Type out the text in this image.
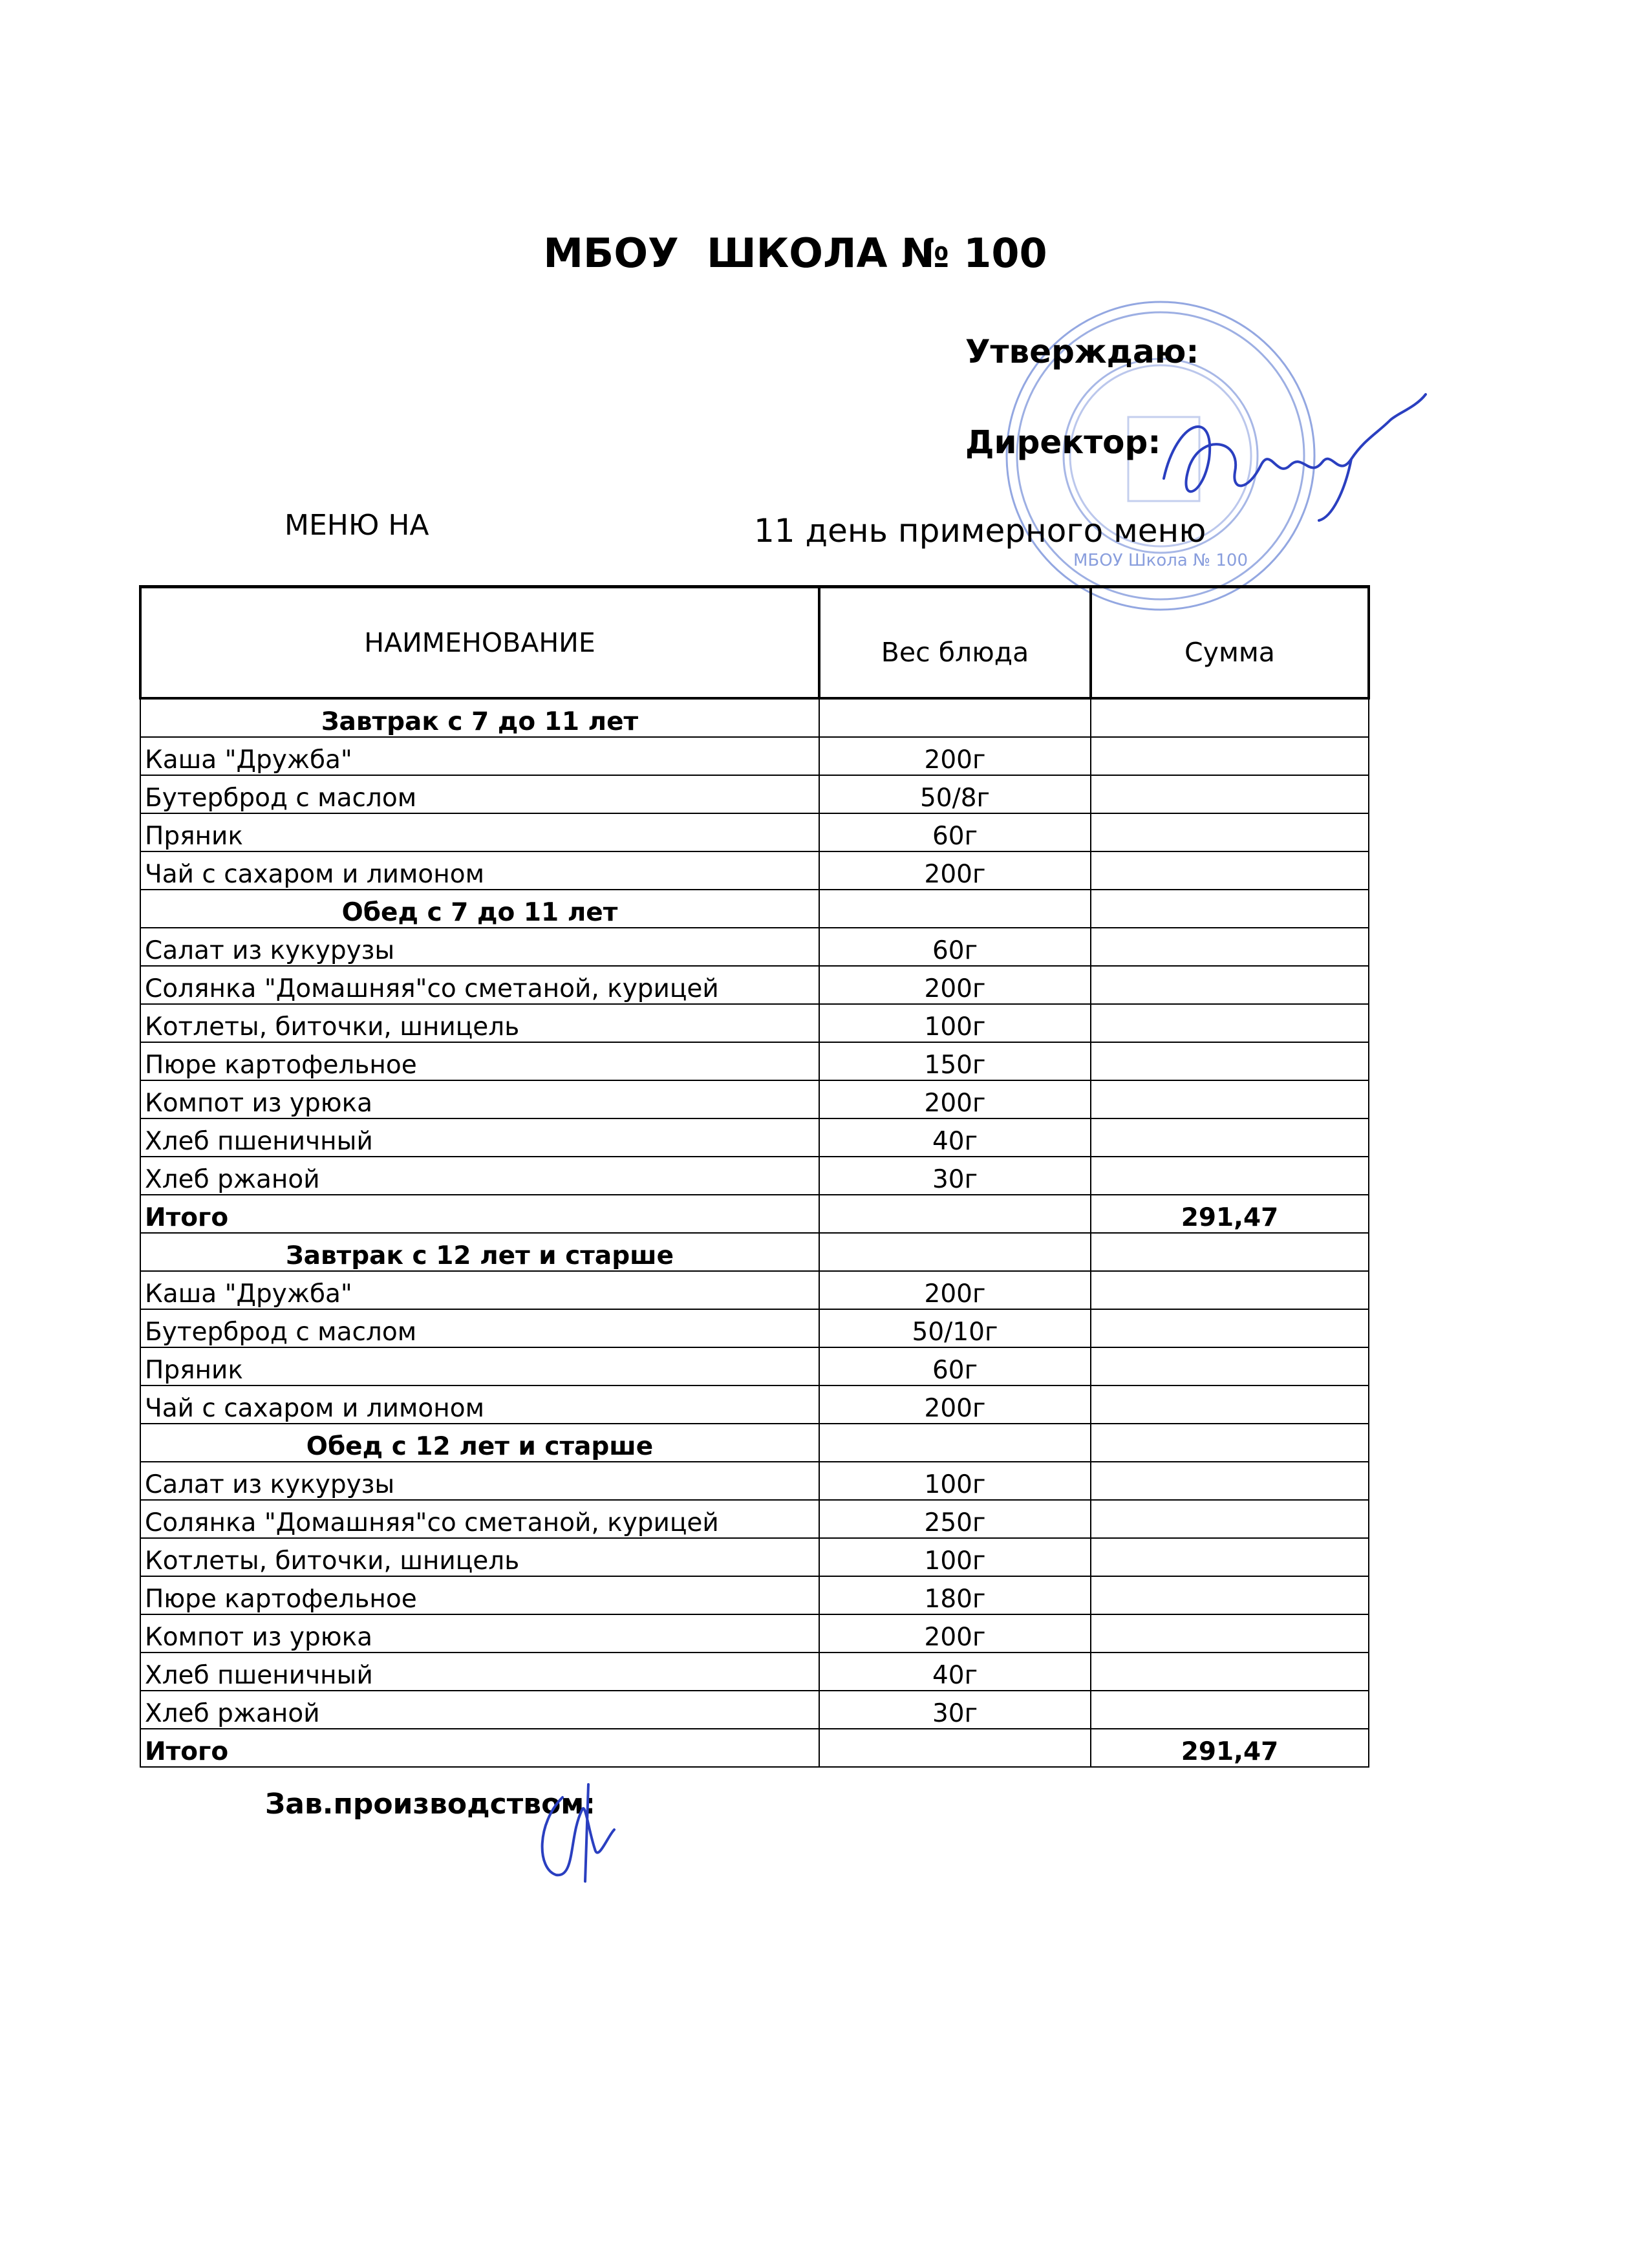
МБОУ  ШКОЛА № 100
МБОУ Школа № 100
Утверждаю:
Директор:
МЕНЮ НА	11 день примерного меню
НАИМЕНОВАНИЕ	Вес блюда	Сумма
Завтрак с 7 до 11 лет		
Каша "Дружба"	200г	
Бутерброд с маслом	50/8г	
Пряник	60г	
Чай с сахаром и лимоном	200г	
Обед с 7 до 11 лет		
Салат из кукурузы	60г	
Солянка "Домашняя"со сметаной, курицей	200г	
Котлеты, биточки, шницель	100г	
Пюре картофельное	150г	
Компот из урюка	200г	
Хлеб пшеничный	40г	
Хлеб ржаной	30г	
Итого		291,47
Завтрак с 12 лет и старше		
Каша "Дружба"	200г	
Бутерброд с маслом	50/10г	
Пряник	60г	
Чай с сахаром и лимоном	200г	
Обед с 12 лет и старше		
Салат из кукурузы	100г	
Солянка "Домашняя"со сметаной, курицей	250г	
Котлеты, биточки, шницель	100г	
Пюре картофельное	180г	
Компот из урюка	200г	
Хлеб пшеничный	40г	
Хлеб ржаной	30г	
Итого		291,47
Зав.производством:
